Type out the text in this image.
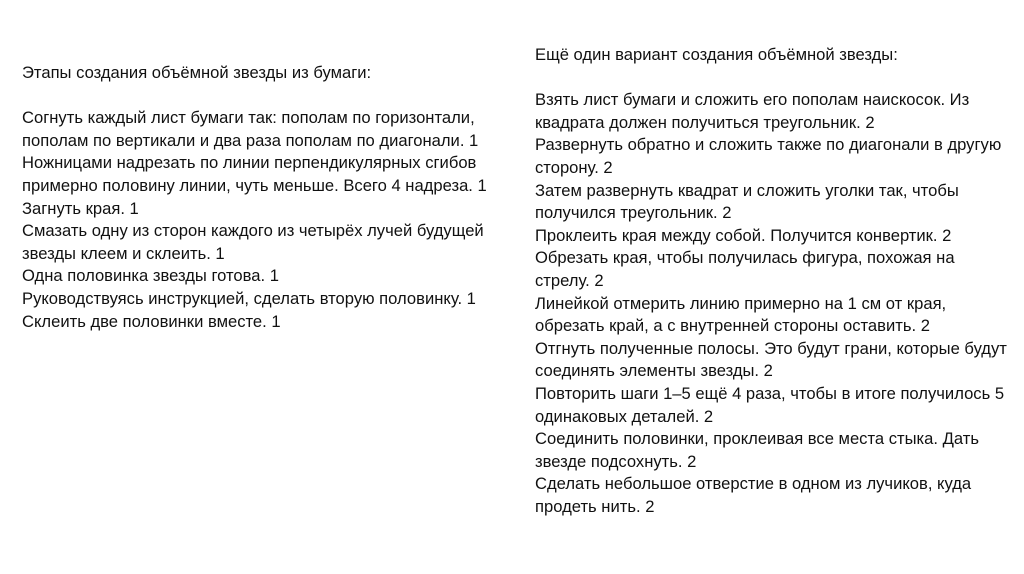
Этапы создания объёмной звезды из бумаги:
Согнуть каждый лист бумаги так: пополам по горизонтали,
пополам по вертикали и два раза пополам по диагонали. 1
Ножницами надрезать по линии перпендикулярных сгибов
примерно половину линии, чуть меньше. Всего 4 надреза. 1
Загнуть края. 1
Смазать одну из сторон каждого из четырёх лучей будущей
звезды клеем и склеить. 1
Одна половинка звезды готова. 1
Руководствуясь инструкцией, сделать вторую половинку. 1
Склеить две половинки вместе. 1
Ещё один вариант создания объёмной звезды:
Взять лист бумаги и сложить его пополам наискосок. Из
квадрата должен получиться треугольник. 2
Развернуть обратно и сложить также по диагонали в другую
сторону. 2
Затем развернуть квадрат и сложить уголки так, чтобы
получился треугольник. 2
Проклеить края между собой. Получится конвертик. 2
Обрезать края, чтобы получилась фигура, похожая на
стрелу. 2
Линейкой отмерить линию примерно на 1 см от края,
обрезать край, а с внутренней стороны оставить. 2
Отгнуть полученные полосы. Это будут грани, которые будут
соединять элементы звезды. 2
Повторить шаги 1–5 ещё 4 раза, чтобы в итоге получилось 5
одинаковых деталей. 2
Соединить половинки, проклеивая все места стыка. Дать
звезде подсохнуть. 2
Сделать небольшое отверстие в одном из лучиков, куда
продеть нить. 2
